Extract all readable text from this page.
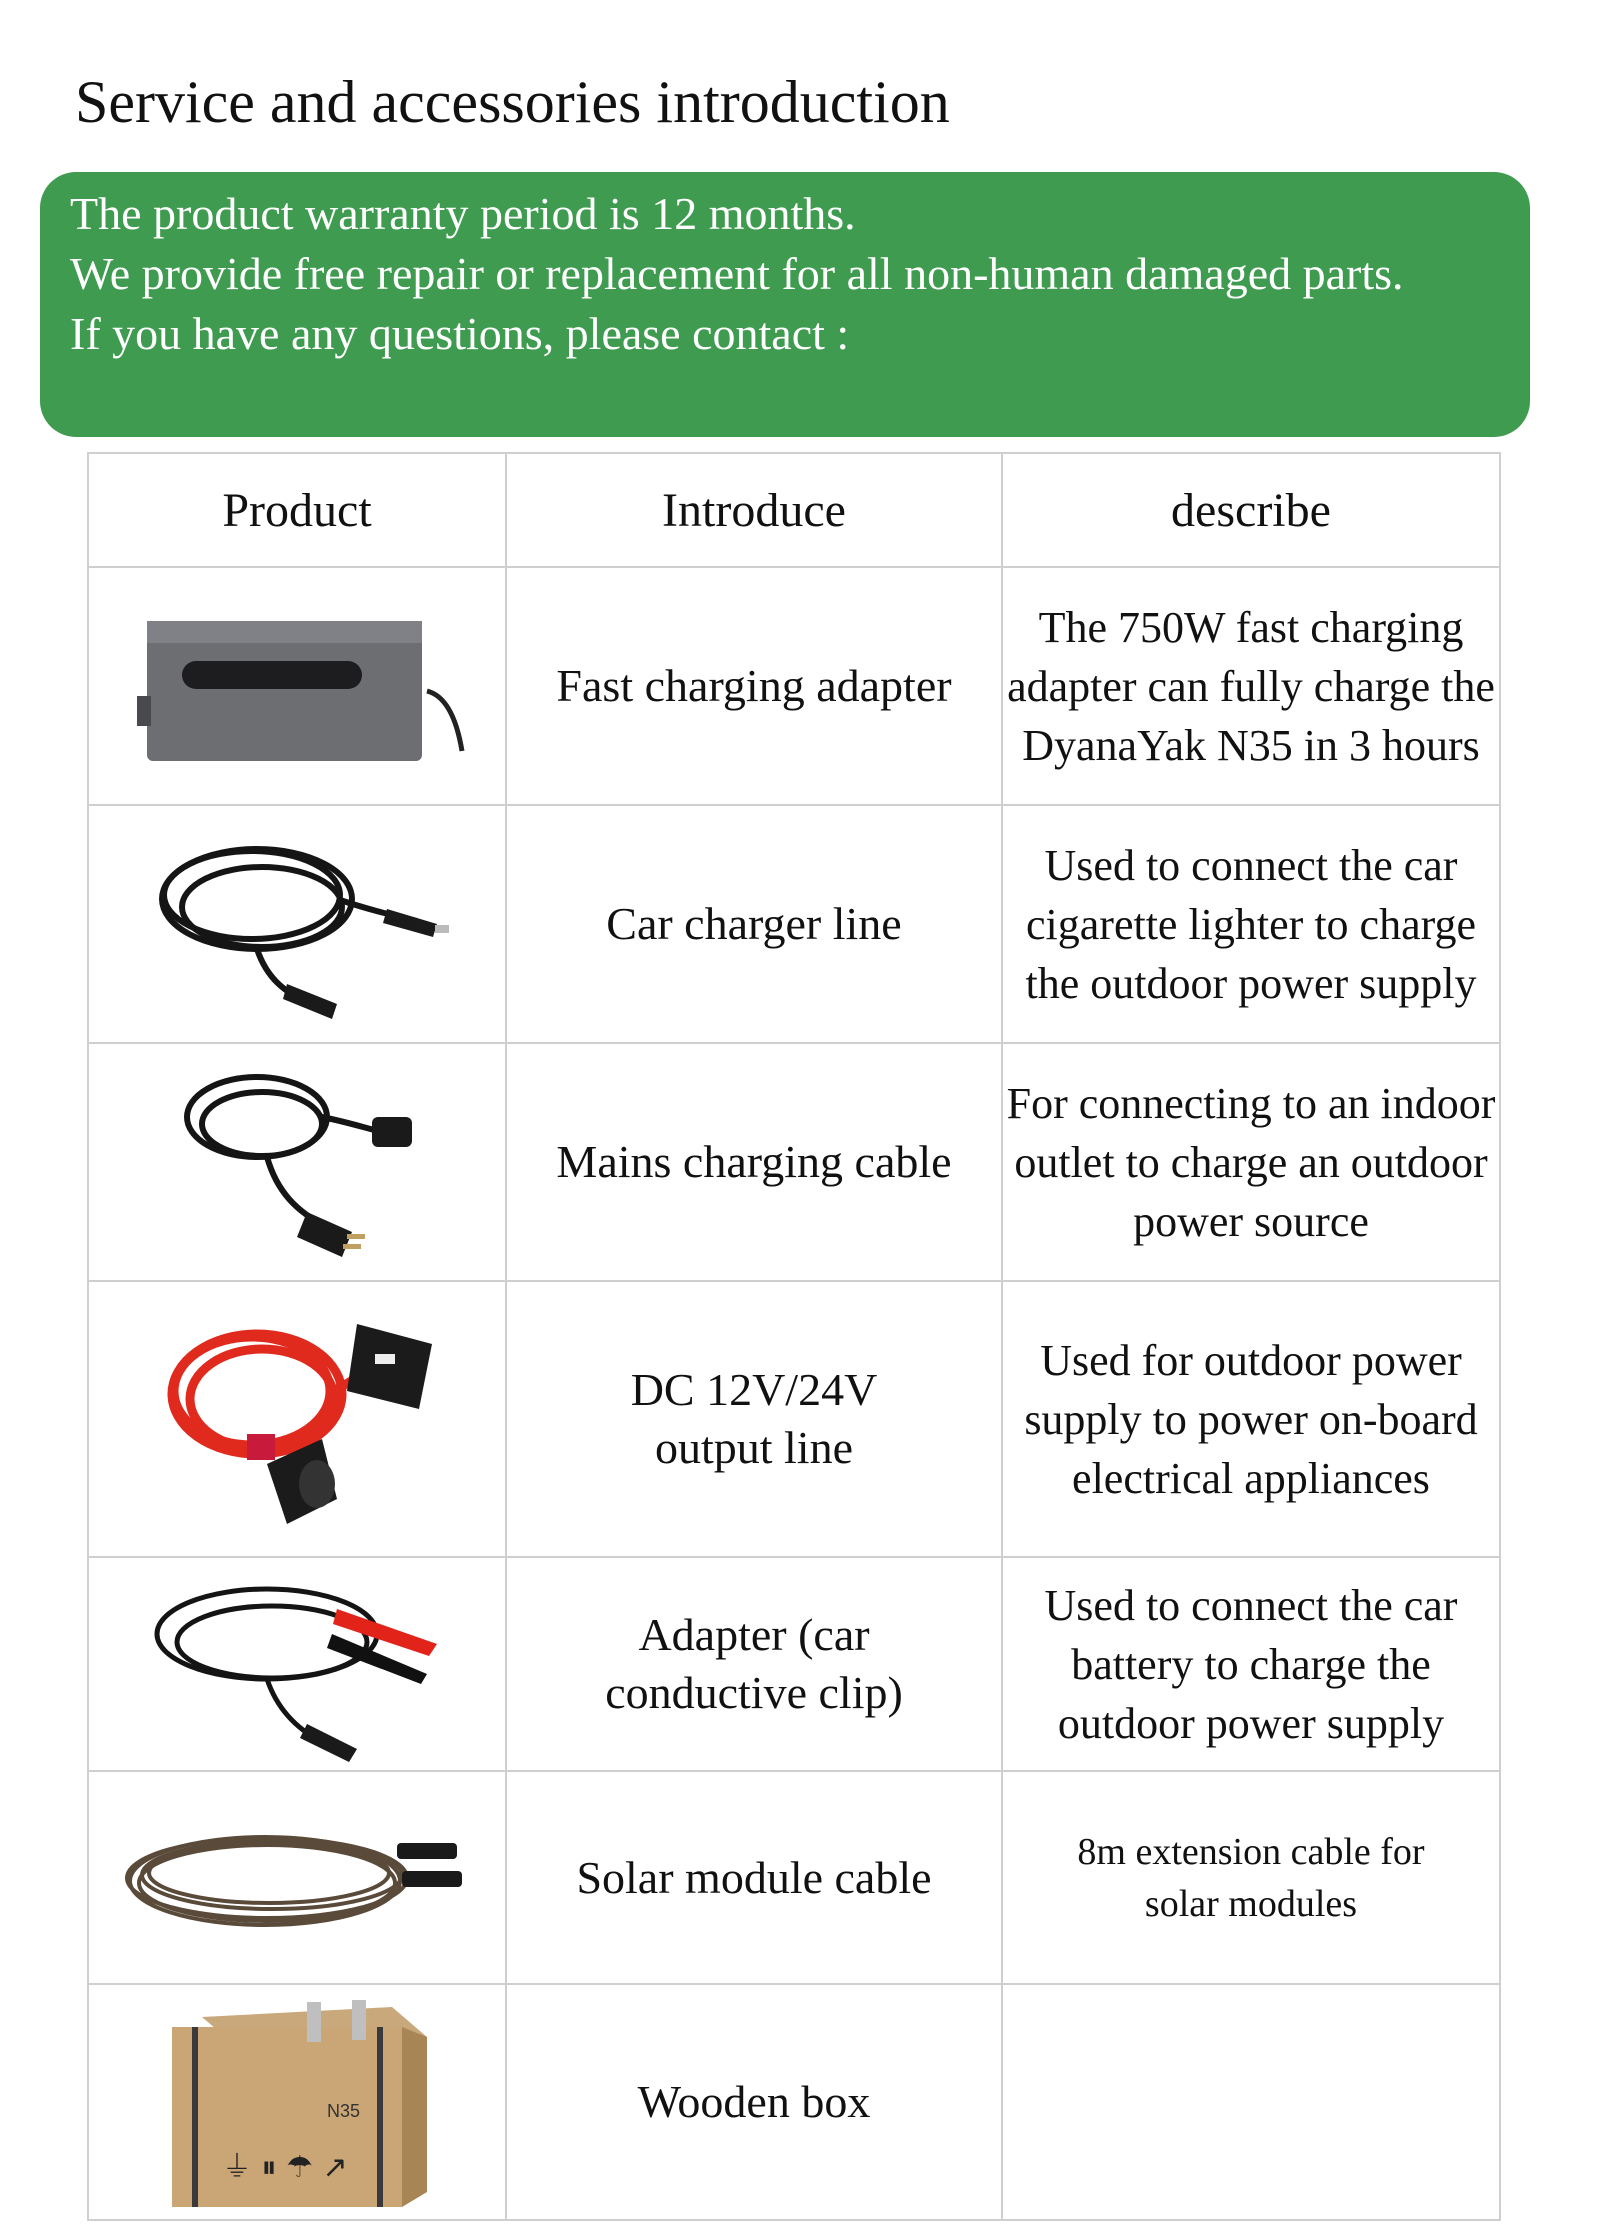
Service and accessories introduction
The product warranty period is 12 months.
We provide free repair or replacement for all non-human damaged parts.
If you have any questions, please contact :
Product	Introduce	describe

	Fast charging adapter	The 750W fast charging adapter can fully charge the DyanaYak N35 in 3 hours

	Car charger line	Used to connect the car cigarette lighter to charge the outdoor power supply

	Mains charging cable	For connecting to an indoor outlet to charge an outdoor power source

	DC 12V/24V output line	Used for outdoor power supply to power on-board electrical appliances

	Adapter (car conductive clip)	Used to connect the car battery to charge the outdoor power supply

	Solar module cable	8m extension cable for solar modules

N35
⏚ ⏸ ☂ ↗	Wooden box	
